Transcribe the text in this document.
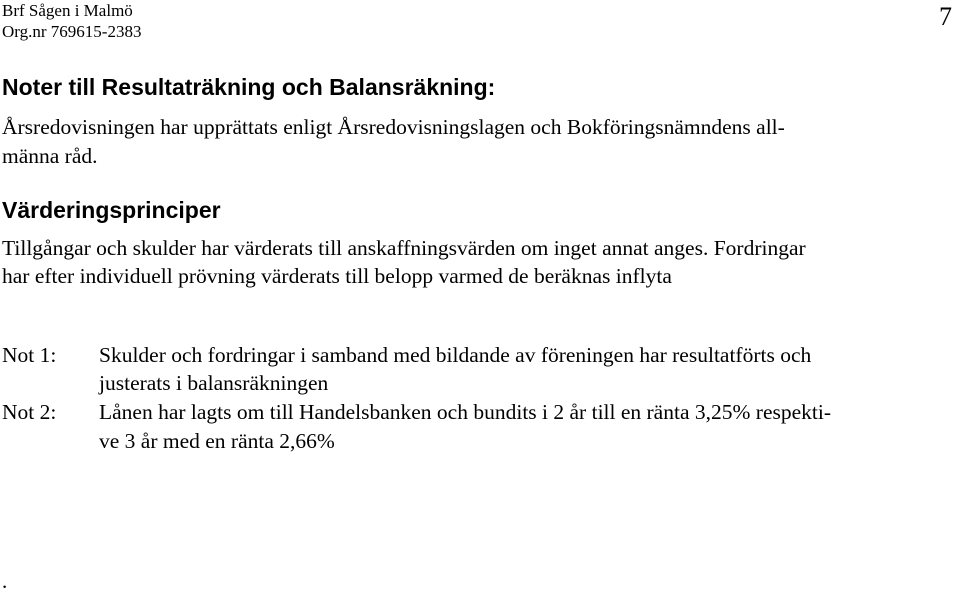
Brf Sågen i Malmö
Org.nr 769615-2383
7
Noter till Resultaträkning och Balansräkning:
Årsredovisningen har upprättats enligt Årsredovisningslagen och Bokföringsnämndens all-
männa råd.
Värderingsprinciper
Tillgångar och skulder har värderats till anskaffningsvärden om inget annat anges. Fordringar
har efter individuell prövning värderats till belopp varmed de beräknas inflyta
Not 1: Skulder och fordringar i samband med bildande av föreningen har resultatförts och
justerats i balansräkningen
Not 2: Lånen har lagts om till Handelsbanken och bundits i 2 år till en ränta 3,25% respekti-
ve 3 år med en ränta 2,66%
.
